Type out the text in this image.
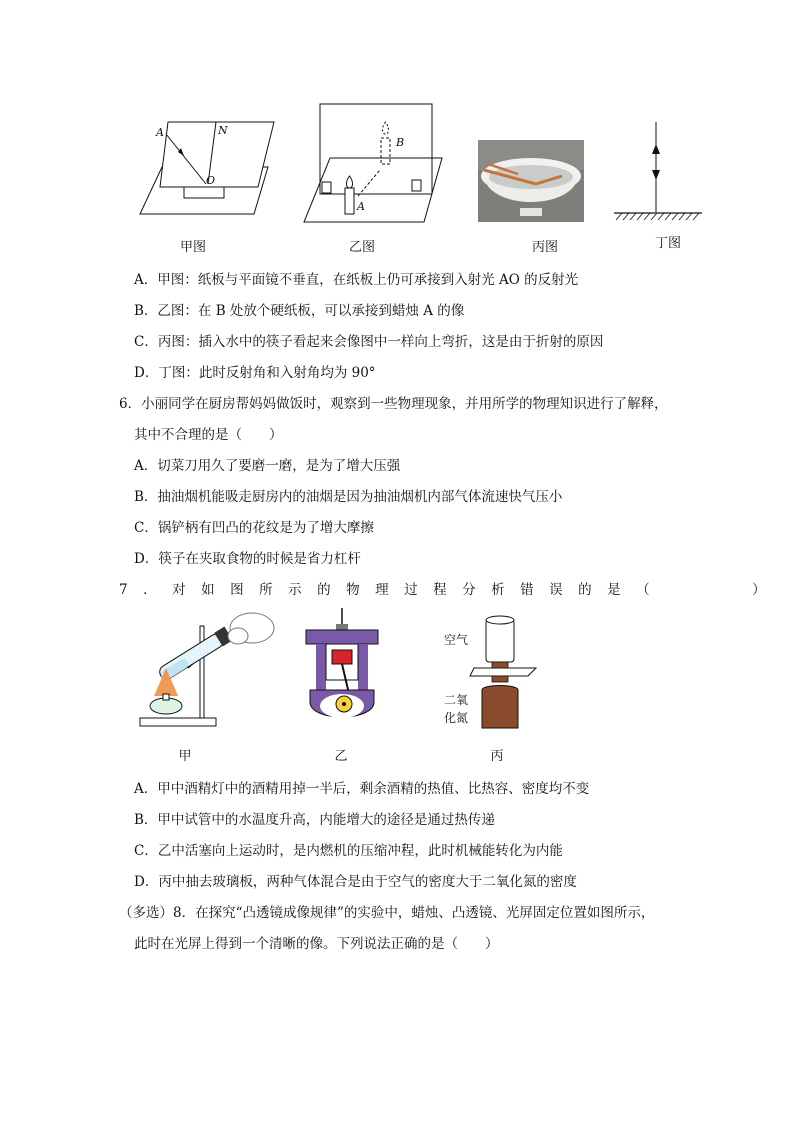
A	N
O
A
B
甲图	乙图	丙图	丁图
A．甲图：纸板与平面镜不垂直，在纸板上仍可承接到入射光 AO 的反射光
B．乙图：在 B 处放个硬纸板，可以承接到蜡烛 A 的像
C．丙图：插入水中的筷子看起来会像图中一样向上弯折，这是由于折射的原因
D．丁图：此时反射角和入射角均为 90°
6．小丽同学在厨房帮妈妈做饭时，观察到一些物理现象，并用所学的物理知识进行了解释，
其中不合理的是（　　）
A．切菜刀用久了要磨一磨，是为了增大压强
B．抽油烟机能吸走厨房内的油烟是因为抽油烟机内部气体流速快气压小
C．锅铲柄有凹凸的花纹是为了增大摩擦
D．筷子在夹取食物的时候是省力杠杆
7．对如图所示的物理过程分析错误的是（　　　）
空气
二氧
化氮
甲	乙	丙
A．甲中酒精灯中的酒精用掉一半后，剩余酒精的热值、比热容、密度均不变
B．甲中试管中的水温度升高，内能增大的途径是通过热传递
C．乙中活塞向上运动时，是内燃机的压缩冲程，此时机械能转化为内能
D．丙中抽去玻璃板，两种气体混合是由于空气的密度大于二氧化氮的密度
（多选）8．在探究“凸透镜成像规律”的实验中，蜡烛、凸透镜、光屏固定位置如图所示，
此时在光屏上得到一个清晰的像。下列说法正确的是（　　）
